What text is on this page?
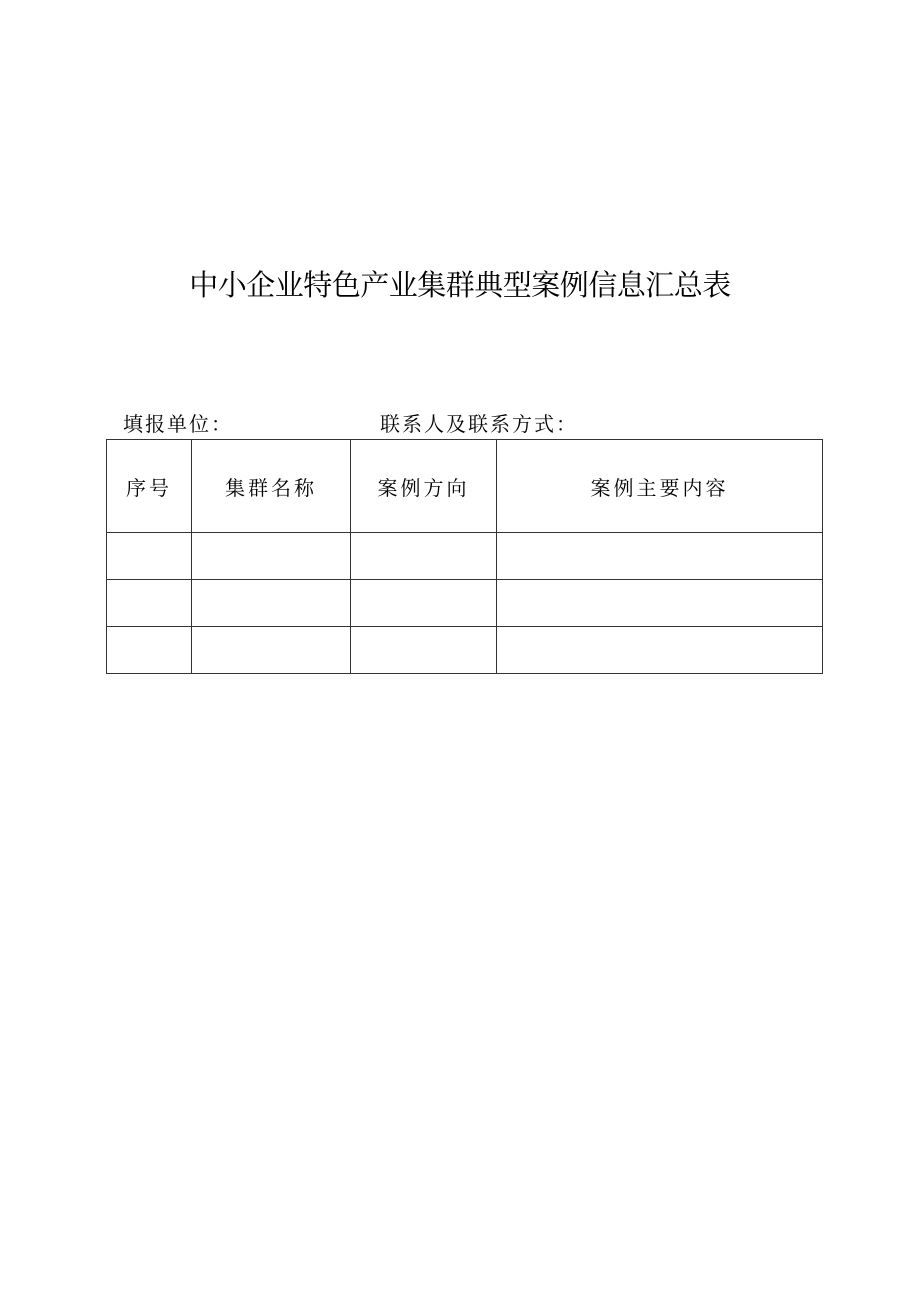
中小企业特色产业集群典型案例信息汇总表
填报单位：	联系人及联系方式：
序号	集群名称	案例方向	案例主要内容
